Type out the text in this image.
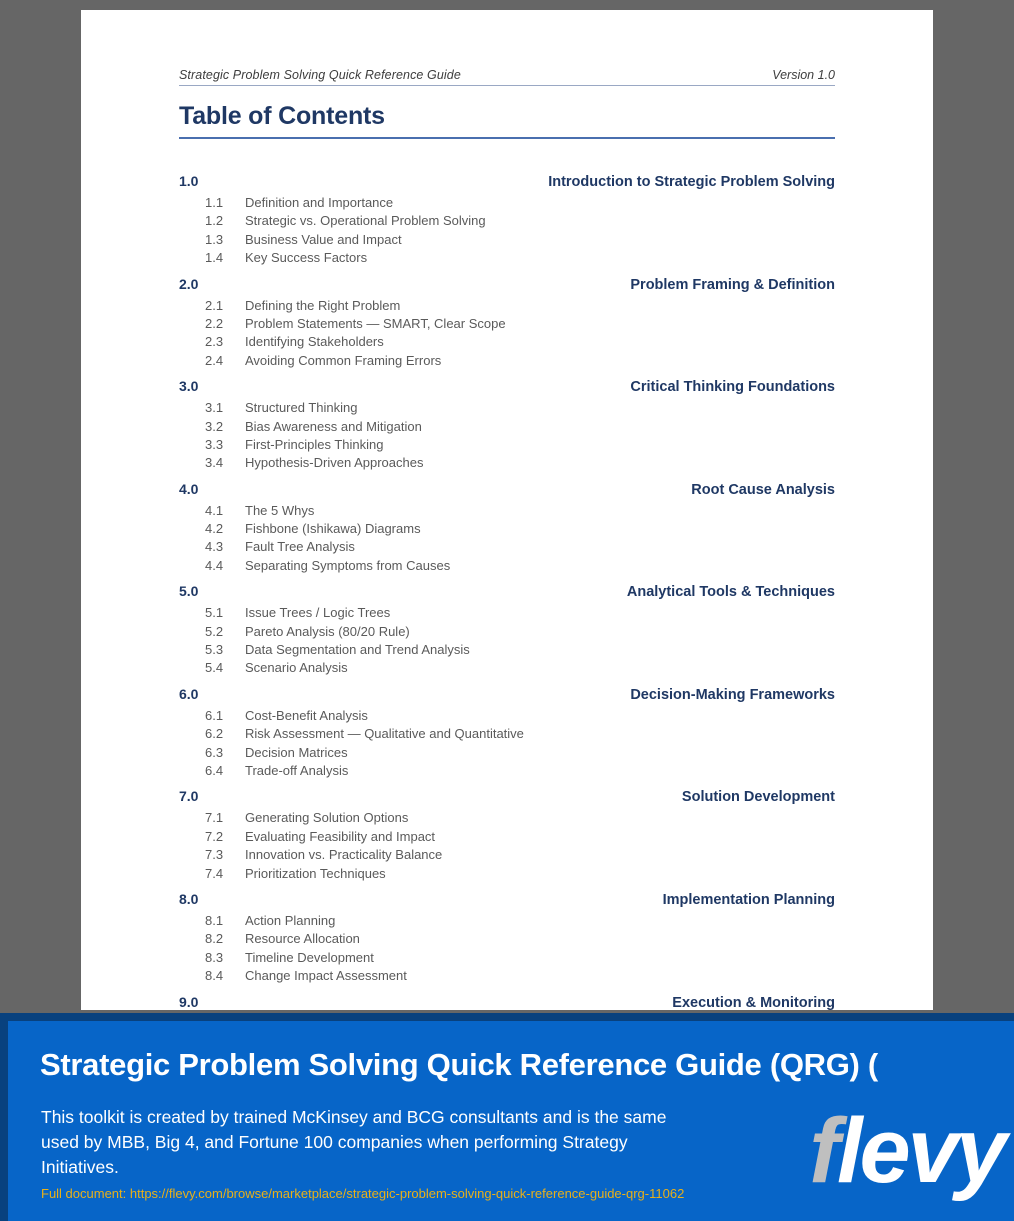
Strategic Problem Solving Quick Reference Guide	Version 1.0
Table of Contents
1.0	Introduction to Strategic Problem Solving
1.1	Definition and Importance
1.2	Strategic vs. Operational Problem Solving
1.3	Business Value and Impact
1.4	Key Success Factors
2.0	Problem Framing & Definition
2.1	Defining the Right Problem
2.2	Problem Statements — SMART, Clear Scope
2.3	Identifying Stakeholders
2.4	Avoiding Common Framing Errors
3.0	Critical Thinking Foundations
3.1	Structured Thinking
3.2	Bias Awareness and Mitigation
3.3	First-Principles Thinking
3.4	Hypothesis-Driven Approaches
4.0	Root Cause Analysis
4.1	The 5 Whys
4.2	Fishbone (Ishikawa) Diagrams
4.3	Fault Tree Analysis
4.4	Separating Symptoms from Causes
5.0	Analytical Tools & Techniques
5.1	Issue Trees / Logic Trees
5.2	Pareto Analysis (80/20 Rule)
5.3	Data Segmentation and Trend Analysis
5.4	Scenario Analysis
6.0	Decision-Making Frameworks
6.1	Cost-Benefit Analysis
6.2	Risk Assessment — Qualitative and Quantitative
6.3	Decision Matrices
6.4	Trade-off Analysis
7.0	Solution Development
7.1	Generating Solution Options
7.2	Evaluating Feasibility and Impact
7.3	Innovation vs. Practicality Balance
7.4	Prioritization Techniques
8.0	Implementation Planning
8.1	Action Planning
8.2	Resource Allocation
8.3	Timeline Development
8.4	Change Impact Assessment
9.0	Execution & Monitoring
Strategic Problem Solving Quick Reference Guide (QRG) (
This toolkit is created by trained McKinsey and BCG consultants and is the same used by MBB, Big 4, and Fortune 100 companies when performing Strategy Initiatives.
Full document: https://flevy.com/browse/marketplace/strategic-problem-solving-quick-reference-guide-qrg-11062 flevy
